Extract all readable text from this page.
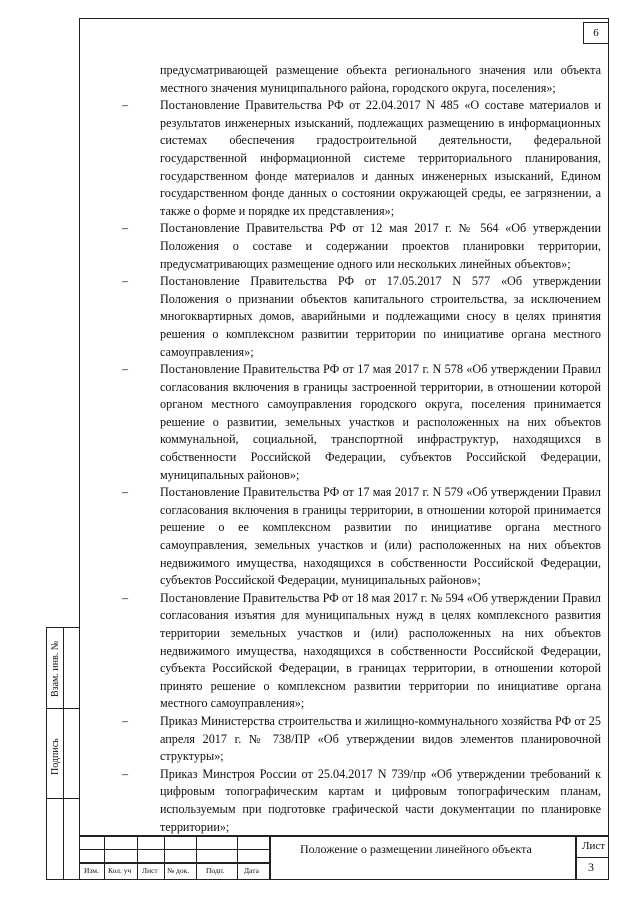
6
предусматривающей размещение объекта регионального значения или объекта местного значения муниципального района, городского округа, поселения»;
–	Постановление Правительства РФ от 22.04.2017 N 485 «О составе материалов и результатов инженерных изысканий, подлежащих размещению в информационных системах обеспечения градостроительной деятельности, федеральной государственной информационной системе территориального планирования, государственном фонде материалов и данных инженерных изысканий, Едином государственном фонде данных о состоянии окружающей среды, ее загрязнении, а также о форме и порядке их представления»;
–	Постановление Правительства РФ от 12 мая 2017 г. № 564 «Об утверждении Положения о составе и содержании проектов планировки территории, предусматривающих размещение одного или нескольких линейных объектов»;
–	Постановление Правительства РФ от 17.05.2017 N 577 «Об утверждении Положения о признании объектов капитального строительства, за исключением многоквартирных домов, аварийными и подлежащими сносу в целях принятия решения о комплексном развитии территории по инициативе органа местного самоуправления»;
–	Постановление Правительства РФ от 17 мая 2017 г. N 578 «Об утверждении Правил согласования включения в границы застроенной территории, в отношении которой органом местного самоуправления городского округа, поселения принимается решение о развитии, земельных участков и расположенных на них объектов коммунальной, социальной, транспортной инфраструктур, находящихся в собственности Российской Федерации, субъектов Российской Федерации, муниципальных районов»;
–	Постановление Правительства РФ от 17 мая 2017 г. N 579 «Об утверждении Правил согласования включения в границы территории, в отношении которой принимается решение о ее комплексном развитии по инициативе органа местного самоуправления, земельных участков и (или) расположенных на них объектов недвижимого имущества, находящихся в собственности Российской Федерации, субъектов Российской Федерации, муниципальных районов»;
–	Постановление Правительства РФ от 18 мая 2017 г. № 594 «Об утверждении Правил согласования изъятия для муниципальных нужд в целях комплексного развития территории земельных участков и (или) расположенных на них объектов недвижимого имущества, находящихся в собственности Российской Федерации, субъекта Российской Федерации, в границах территории, в отношении которой принято решение о комплексном развитии территории по инициативе органа местного самоуправления»;
–	Приказ Министерства строительства и жилищно-коммунального хозяйства РФ от 25 апреля 2017 г. № 738/ПР «Об утверждении видов элементов планировочной структуры»;
–	Приказ Минстроя России от 25.04.2017 N 739/пр «Об утверждении требований к цифровым топографическим картам и цифровым топографическим планам, используемым при подготовке графической части документации по планировке территории»;
Взам. инв. №
Подпись
Изм. Кол. уч Лист № док. Подп.	Дата
Положение о размещении линейного объекта	Лист
3
